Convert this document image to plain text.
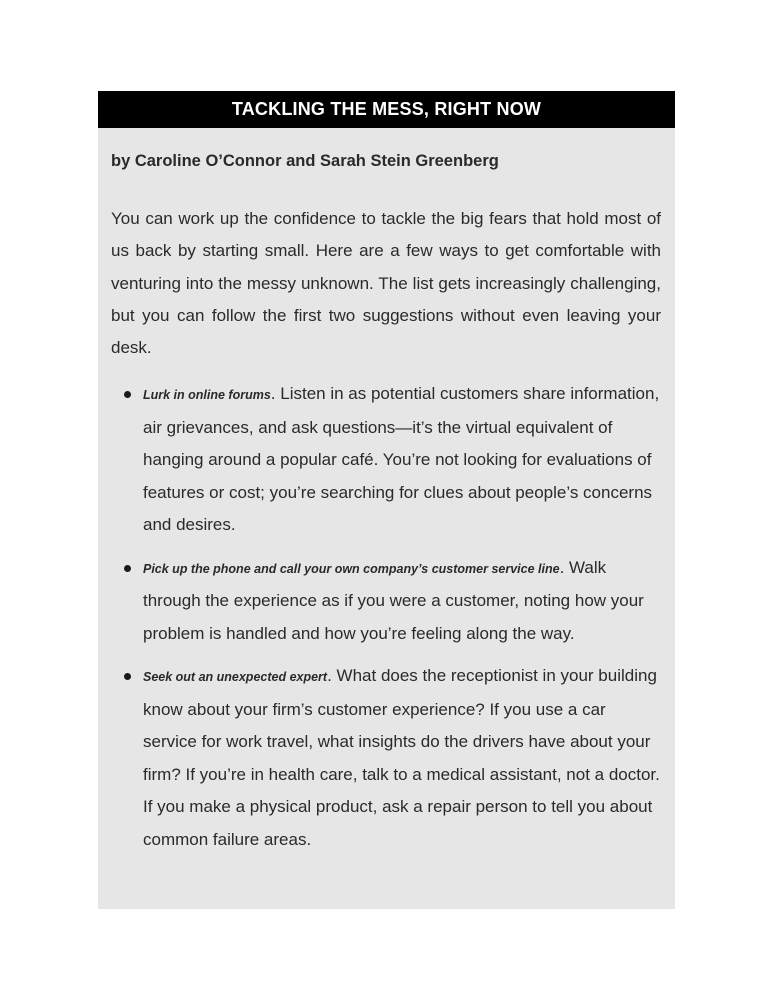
TACKLING THE MESS, RIGHT NOW

by Caroline O’Connor and Sarah Stein Greenberg

You can work up the confidence to tackle the big fears that hold most of us back by starting small. Here are a few ways to get comfortable with venturing into the messy unknown. The list gets increasingly challenging, but you can follow the first two suggestions without even leaving your desk.

Lurk in online forums. Listen in as potential customers share information, air grievances, and ask questions—it’s the virtual equivalent of hanging around a popular café. You’re not looking for evaluations of features or cost; you’re searching for clues about people’s concerns and desires.
Pick up the phone and call your own company’s customer service line. Walk through the experience as if you were a customer, noting how your problem is handled and how you’re feeling along the way.
Seek out an unexpected expert. What does the receptionist in your building know about your firm’s customer experience? If you use a car service for work travel, what insights do the drivers have about your firm? If you’re in health care, talk to a medical assistant, not a doctor. If you make a physical product, ask a repair person to tell you about common failure areas.
